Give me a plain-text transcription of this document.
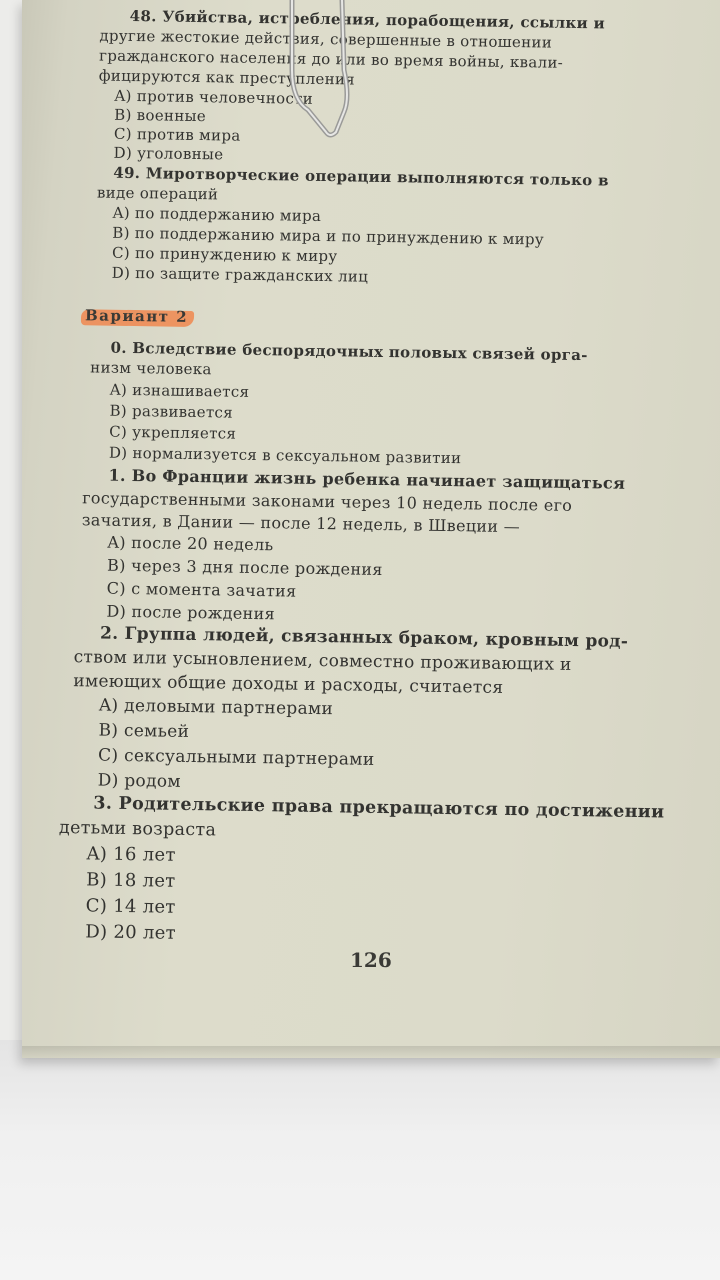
48. Убийства, истребления, порабощения, ссылки и
другие жестокие действия, совершенные в отношении
гражданского населения до или во время войны, квали-
фицируются как преступления
A) против человечности
B) военные
C) против мира
D) уголовные
49. Миротворческие операции выполняются только в
виде операций
A) по поддержанию мира
B) по поддержанию мира и по принуждению к миру
C) по принуждению к миру
D) по защите гражданских лиц
Вариант 2
0. Вследствие беспорядочных половых связей орга-
низм человека
A) изнашивается
B) развивается
C) укрепляется
D) нормализуется в сексуальном развитии
1. Во Франции жизнь ребенка начинает защищаться
государственными законами через 10 недель после его
зачатия, в Дании — после 12 недель, в Швеции —
A) после 20 недель
B) через 3 дня после рождения
C) с момента зачатия
D) после рождения
2. Группа людей, связанных браком, кровным род-
ством или усыновлением, совместно проживающих и
имеющих общие доходы и расходы, считается
A) деловыми партнерами
B) семьей
C) сексуальными партнерами
D) родом
3. Родительские права прекращаются по достижении
детьми возраста
A) 16 лет
B) 18 лет
C) 14 лет
D) 20 лет
126
